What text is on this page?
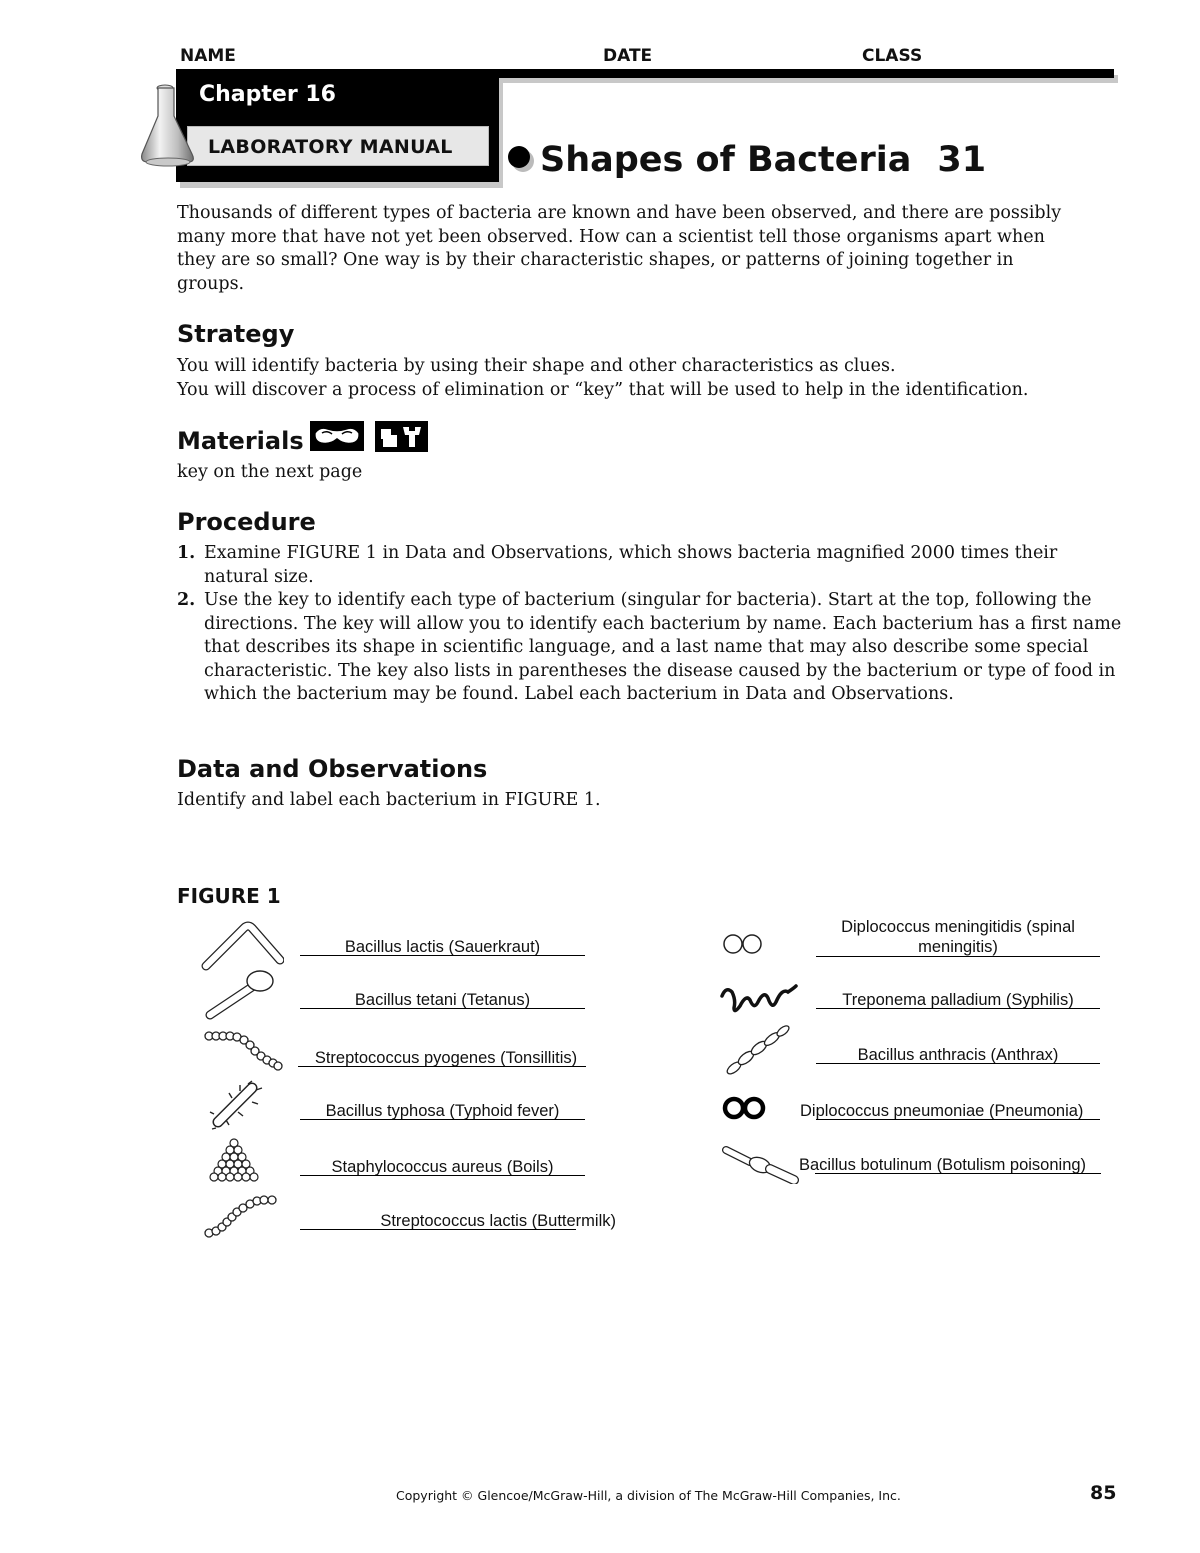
NAME	DATE	CLASS
Chapter 16
LABORATORY MANUAL	Shapes of Bacteria 31
Thousands of different types of bacteria are known and have been observed, and there are possibly many more that have not yet been observed. How can a scientist tell those organisms apart when they are so small? One way is by their characteristic shapes, or patterns of joining together in groups.
Strategy
You will identify bacteria by using their shape and other characteristics as clues.
You will discover a process of elimination or “key” that will be used to help in the identification.
Materials
key on the next page
Procedure
1. Examine FIGURE 1 in Data and Observations, which shows bacteria magnified 2000 times their natural size.
2. Use the key to identify each type of bacterium (singular for bacteria). Start at the top, following the directions. The key will allow you to identify each bacterium by name. Each bacterium has a first name that describes its shape in scientific language, and a last name that may also describe some special characteristic. The key also lists in parentheses the disease caused by the bacterium or type of food in which the bacterium may be found. Label each bacterium in Data and Observations.
Data and Observations
Identify and label each bacterium in FIGURE 1.
FIGURE 1
Bacillus lactis (Sauerkraut)
Bacillus tetani (Tetanus)
Streptococcus pyogenes (Tonsillitis)
Bacillus typhosa (Typhoid fever)
Staphylococcus aureus (Boils)
Streptococcus lactis (Buttermilk)
Diplococcus meningitidis (spinal
meningitis)
Treponema palladium (Syphilis)
Bacillus anthracis (Anthrax)
Diplococcus pneumoniae (Pneumonia)
Bacillus botulinum (Botulism poisoning)
Copyright © Glencoe/McGraw-Hill, a division of The McGraw-Hill Companies, Inc.	85
